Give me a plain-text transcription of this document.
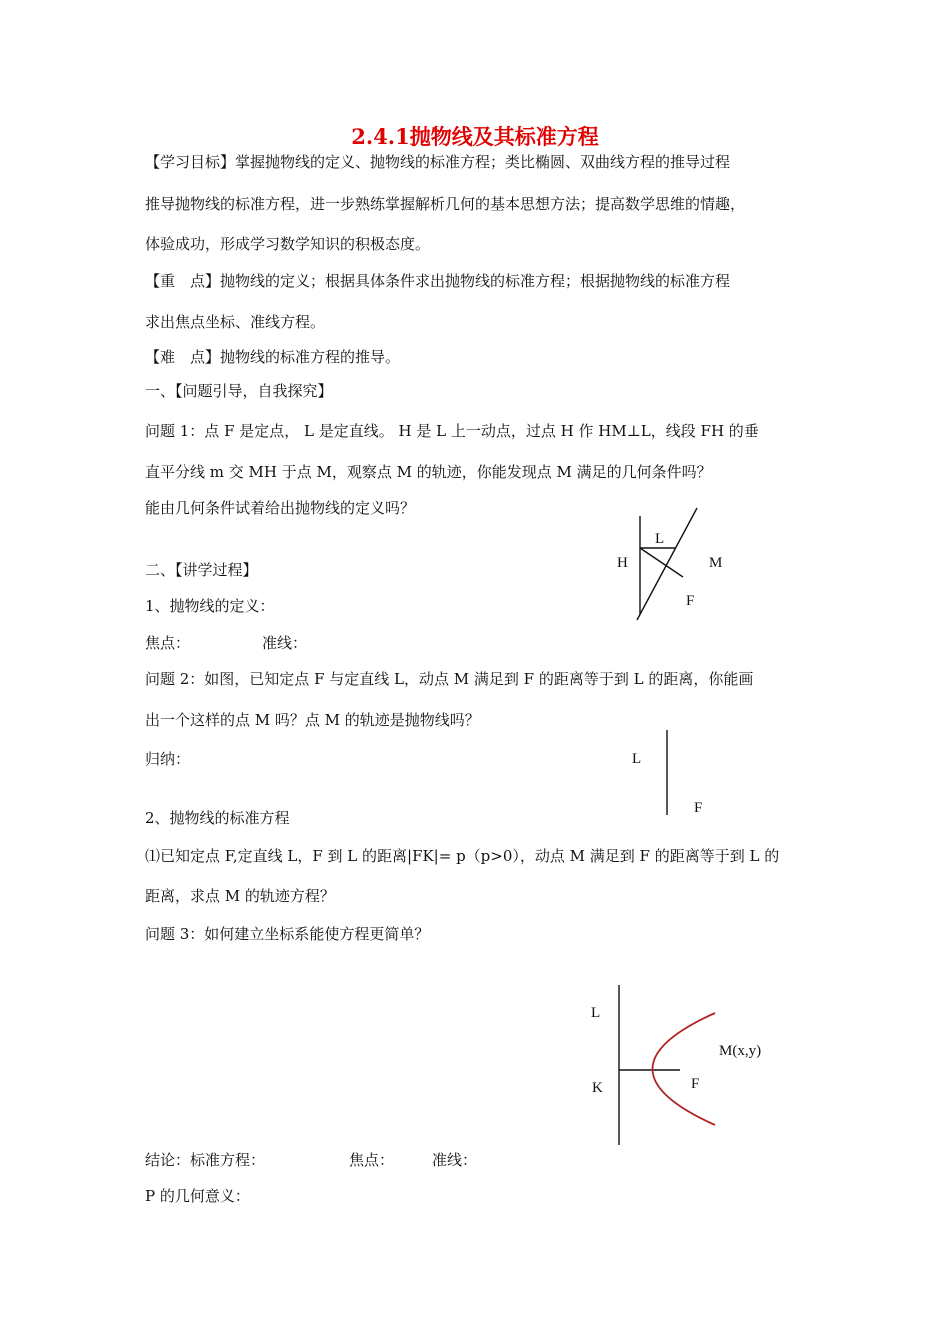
2.4.1抛物线及其标准方程
【学习目标】掌握抛物线的定义、抛物线的标准方程；类比椭圆、双曲线方程的推导过程
推导抛物线的标准方程，进一步熟练掌握解析几何的基本思想方法；提高数学思维的情趣，
体验成功，形成学习数学知识的积极态度。
【重　点】抛物线的定义；根据具体条件求出抛物线的标准方程；根据抛物线的标准方程
求出焦点坐标、准线方程。
【难　点】抛物线的标准方程的推导。
一、【问题引导，自我探究】
问题 1：点 F 是定点， L 是定直线。 H 是 L 上一动点，过点 H 作 HM⊥L，线段 FH 的垂
直平分线 m 交 MH 于点 M，观察点 M 的轨迹，你能发现点 M 满足的几何条件吗？
能由几何条件试着给出抛物线的定义吗？
二、【讲学过程】
1、抛物线的定义：
焦点：	准线：
问题 2：如图，已知定点 F 与定直线 L，动点 M 满足到 F 的距离等于到 L 的距离，你能画
出一个这样的点 M 吗？点 M 的轨迹是抛物线吗？
归纳：
2、抛物线的标准方程
⑴已知定点 F,定直线 L，F 到 L 的距离|FK|= p（p>0），动点 M 满足到 F 的距离等于到 L 的
距离，求点 M 的轨迹方程？
问题 3：如何建立坐标系能使方程更简单？
结论：标准方程：	焦点：	准线：
P 的几何意义：
L
H	M
F
L
F
L
M(x,y)
K	F
